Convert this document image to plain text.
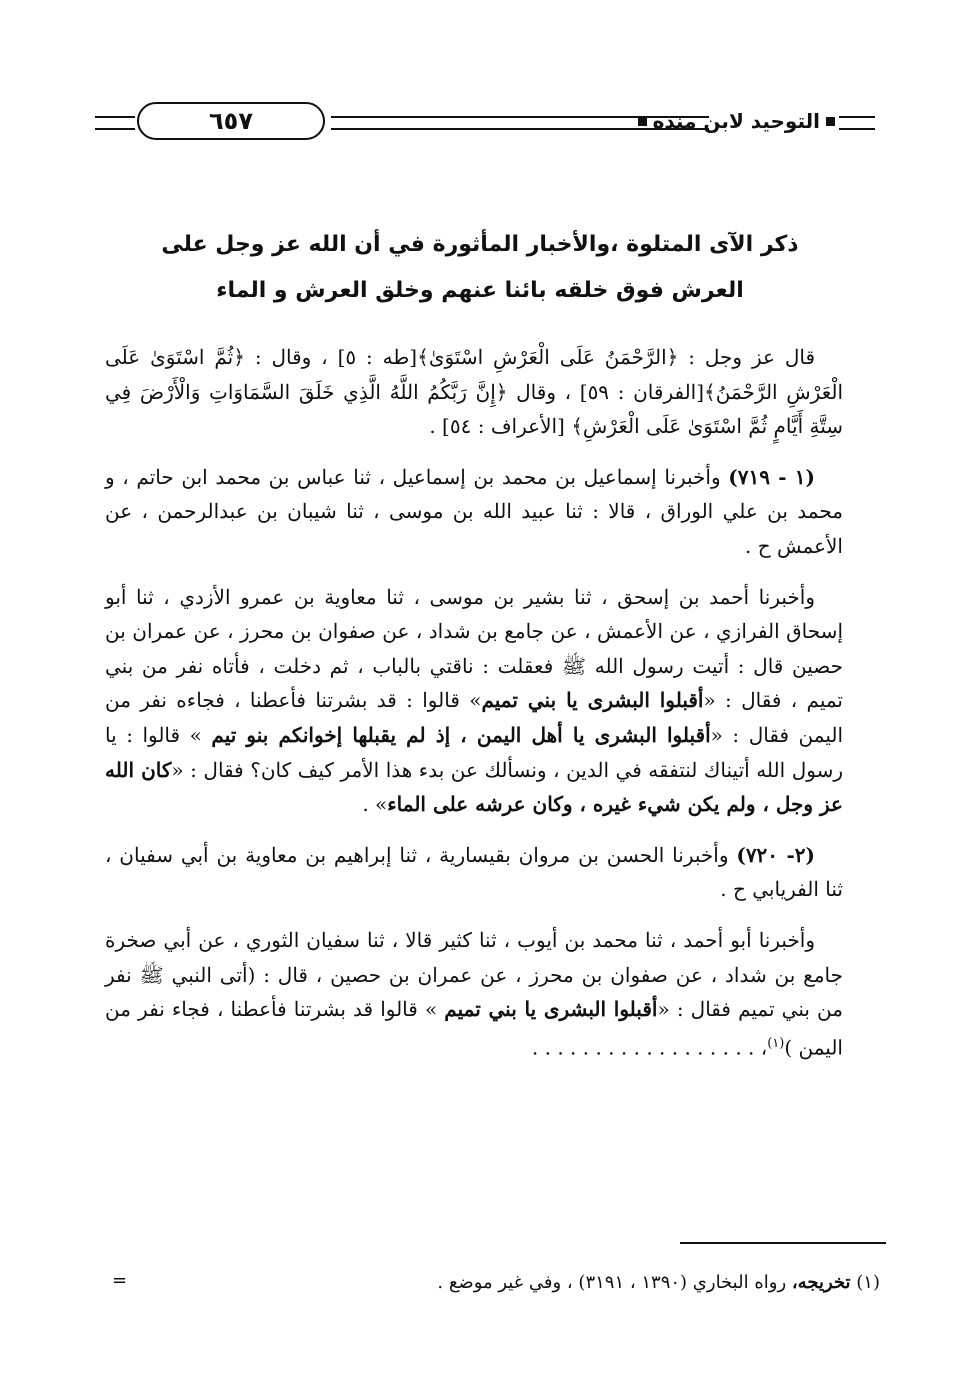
٦٥٧	التوحيد لابن منده
ذكر الآى المتلوة ،والأخبار المأثورة في أن الله عز وجل على
العرش فوق خلقه بائنا عنهم وخلق العرش و الماء

قال عز وجل : ﴿الرَّحْمَنُ عَلَى الْعَرْشِ اسْتَوَىٰ﴾[طه : ٥] ، وقال : ﴿ثُمَّ اسْتَوَىٰ عَلَى الْعَرْشِ الرَّحْمَنُ﴾[الفرقان : ٥٩] ، وقال ﴿إِنَّ رَبَّكُمُ اللَّهُ الَّذِي خَلَقَ السَّمَاوَاتِ وَالْأَرْضَ فِي سِتَّةِ أَيَّامٍ ثُمَّ اسْتَوَىٰ عَلَى الْعَرْشِ﴾ [الأعراف : ٥٤] .

(١ - ٧١٩) وأخبرنا إسماعيل بن محمد بن إسماعيل ، ثنا عباس بن محمد ابن حاتم ، و محمد بن علي الوراق ، قالا : ثنا عبيد الله بن موسى ، ثنا شيبان بن عبدالرحمن ، عن الأعمش ح .

وأخبرنا أحمد بن إسحق ، ثنا بشير بن موسى ، ثنا معاوية بن عمرو الأزدي ، ثنا أبو إسحاق الفرازي ، عن الأعمش ، عن جامع بن شداد ، عن صفوان بن محرز ، عن عمران بن حصين قال : أتيت رسول الله ﷺ فعقلت : ناقتي بالباب ، ثم دخلت ، فأتاه نفر من بني تميم ، فقال : «أقبلوا البشرى يا بني تميم» قالوا : قد بشرتنا فأعطنا ، فجاءه نفر من اليمن فقال : «أقبلوا البشرى يا أهل اليمن ، إذ لم يقبلها إخوانكم بنو تيم » قالوا : يا رسول الله أتيناك لنتفقه في الدين ، ونسألك عن بدء هذا الأمر كيف كان؟ فقال : «كان الله عز وجل ، ولم يكن شيء غيره ، وكان عرشه على الماء» .

(٢- ٧٢٠) وأخبرنا الحسن بن مروان بقيسارية ، ثنا إبراهيم بن معاوية بن أبي سفيان ، ثنا الفريابي ح .

وأخبرنا أبو أحمد ، ثنا محمد بن أيوب ، ثنا كثير قالا ، ثنا سفيان الثوري ، عن أبي صخرة جامع بن شداد ، عن صفوان بن محرز ، عن عمران بن حصين ، قال : (أتى النبي ﷺ نفر من بني تميم فقال : «أقبلوا البشرى يا بني تميم » قالوا قد بشرتنا فأعطنا ، فجاء نفر من اليمن )$^{(١)}$، . . . . . . . . . . . . . . . . . .

(١) تخريجه، رواه البخاري (١٣٩٠ ، ٣١٩١) ، وفي غير موضع .
=
